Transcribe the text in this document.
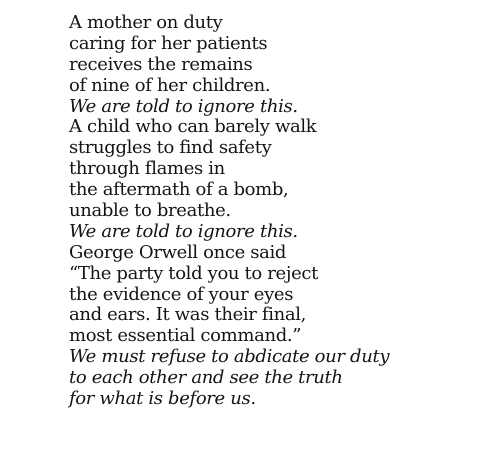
A mother on duty
caring for her patients
receives the remains
of nine of her children.
We are told to ignore this.
A child who can barely walk
struggles to find safety
through flames in
the aftermath of a bomb,
unable to breathe.
We are told to ignore this.
George Orwell once said
“The party told you to reject
the evidence of your eyes
and ears. It was their final,
most essential command.”
We must refuse to abdicate our duty
to each other and see the truth
for what is before us.
